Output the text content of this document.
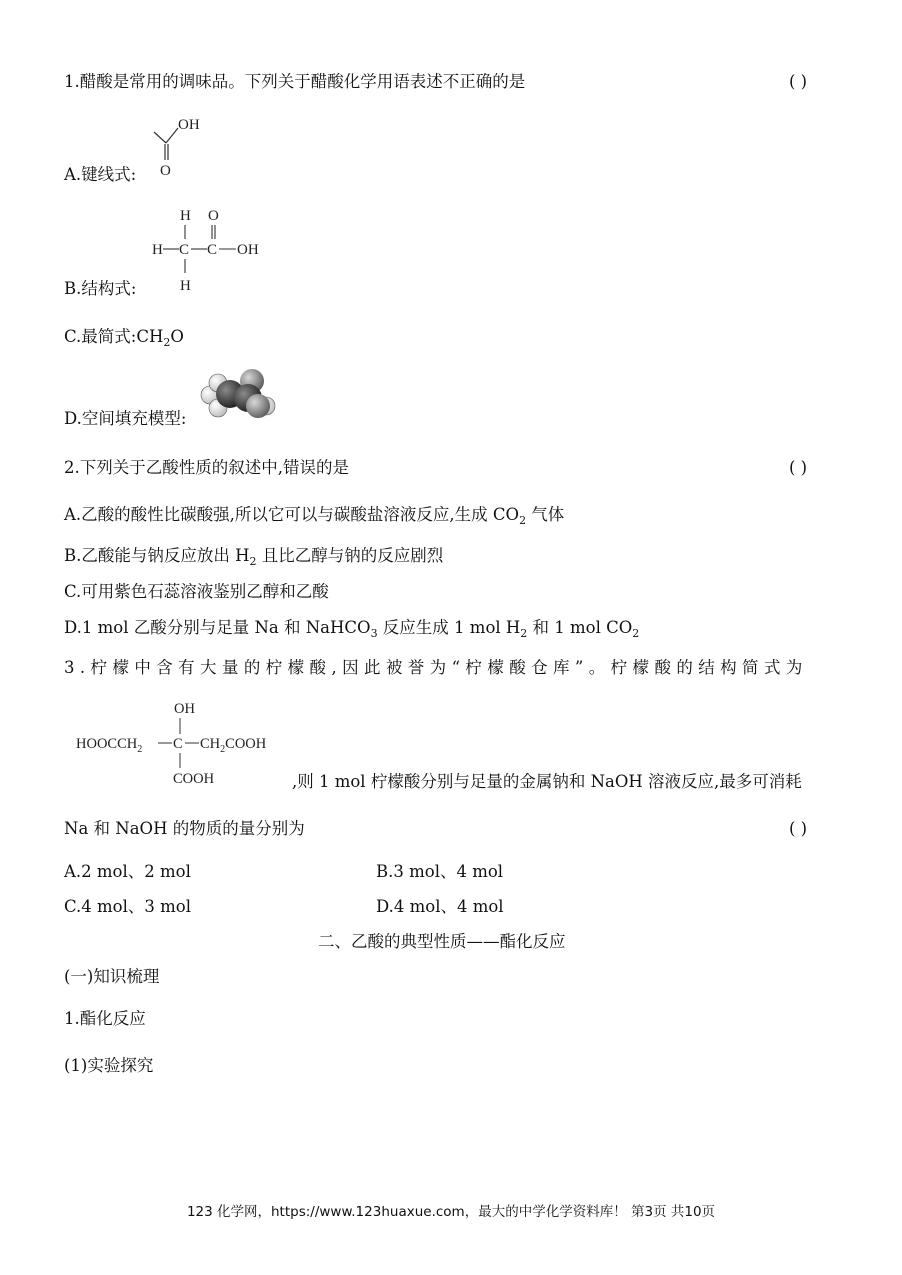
1.醋酸是常用的调味品。下列关于醋酸化学用语表述不正确的是	( )
OH
O
A.键线式:
H O
H C C OH
H
B.结构式:
C.最简式$:CH_2O$
D.空间填充模型:
2.下列关于乙酸性质的叙述中,错误的是	( )
A.乙酸的酸性比碳酸强,所以它可以与碳酸盐溶液反应,生成 $CO_2$ 气体
B.乙酸能与钠反应放出 $H_2$ 且比乙醇与钠的反应剧烈
C.可用紫色石蕊溶液鉴别乙醇和乙酸
D.1 mol 乙酸分别与足量 Na 和 NaHCO$_3$ 反应生成 1 mol $H_2$ 和 1 mol $CO_2$
3.柠檬中含有大量的柠檬酸,因此被誉为“柠檬酸仓库”。柠檬酸的结构简式为
OH
$HOOCCH_2$ C $CH_2COOH$
COOH	,则 1 mol 柠檬酸分别与足量的金属钠和 NaOH 溶液反应,最多可消耗
Na 和 NaOH 的物质的量分别为	( )
A.2 mol、2 mol	B.3 mol、4 mol
C.4 mol、3 mol	D.4 mol、4 mol
二、乙酸的典型性质——酯化反应
(一)知识梳理
1.酯化反应
(1)实验探究
123 化学网，https://www.123huaxue.com，最大的中学化学资料库！ 第3页 共10页
